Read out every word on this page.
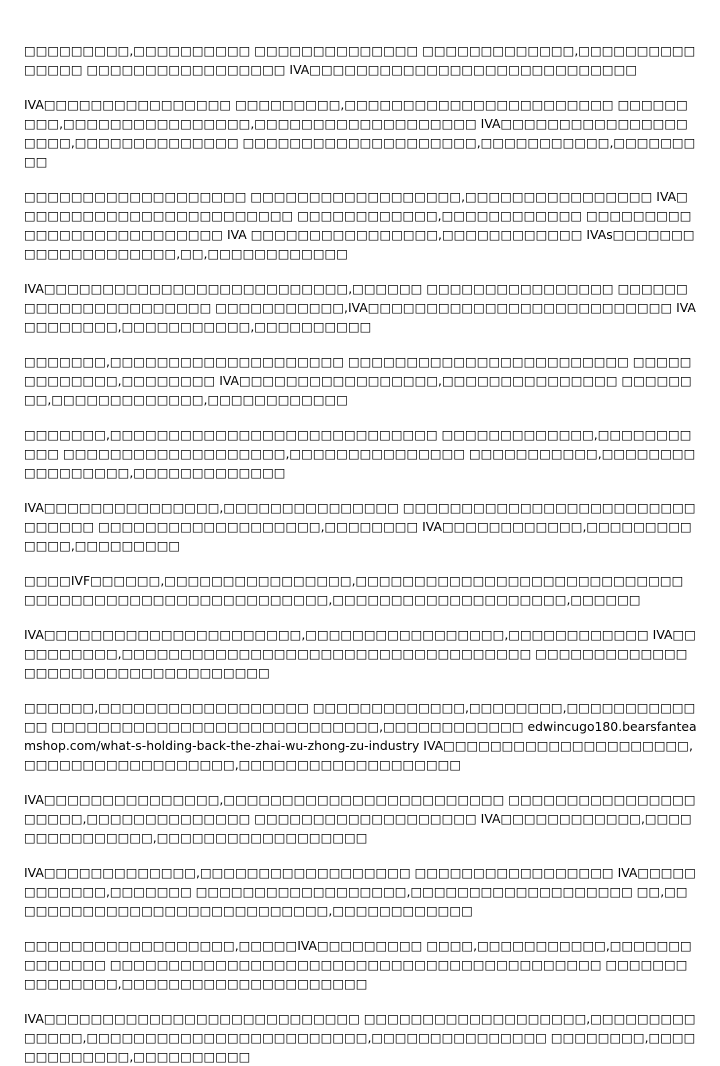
□□□□□□□□□,□□□□□□□□□□ □□□□□□□□□□□□□□ □□□□□□□□□□□□□,□□□□□□□□□□□□□□□ □□□□□□□□□□□□□□□□□ IVA□□□□□□□□□□□□□□□□□□□□□□□□□□□□

IVA□□□□□□□□□□□□□□□□ □□□□□□□□□,□□□□□□□□□□□□□□□□□□□□□□□ □□□□□□□□□,□□□□□□□□□□□□□□□□,□□□□□□□□□□□□□□□□□□□ IVA□□□□□□□□□□□□□□□□□□□□,□□□□□□□□□□□□□□ □□□□□□□□□□□□□□□□□□□□,□□□□□□□□□□□,□□□□□□□□□

□□□□□□□□□□□□□□□□□□□ □□□□□□□□□□□□□□□□□□,□□□□□□□□□□□□□□□□ IVA□□□□□□□□□□□□□□□□□□□□□□□□ □□□□□□□□□□□□,□□□□□□□□□□□□ □□□□□□□□□□□□□□□□□□□□□□□□□□ IVA □□□□□□□□□□□□□□□□,□□□□□□□□□□□□ IVAs□□□□□□□□□□□□□□□□□□□□,□□,□□□□□□□□□□□□

IVA□□□□□□□□□□□□□□□□□□□□□□□□□□,□□□□□□ □□□□□□□□□□□□□□□□ □□□□□□□□□□□□□□□□□□□□□□ □□□□□□□□□□□,IVA□□□□□□□□□□□□□□□□□□□□□□□□□□ IVA□□□□□□□□,□□□□□□□□□□□,□□□□□□□□□□

□□□□□□□,□□□□□□□□□□□□□□□□□□□□ □□□□□□□□□□□□□□□□□□□□□□□□ □□□□□□□□□□□□□,□□□□□□□□ IVA□□□□□□□□□□□□□□□□□,□□□□□□□□□□□□□□□ □□□□□□□□,□□□□□□□□□□□□□,□□□□□□□□□□□□

□□□□□□□,□□□□□□□□□□□□□□□□□□□□□□□□□□□□ □□□□□□□□□□□□□,□□□□□□□□□□□ □□□□□□□□□□□□□□□□□□□,□□□□□□□□□□□□□□□ □□□□□□□□□□□,□□□□□□□□□□□□□□□□□,□□□□□□□□□□□□□

IVA□□□□□□□□□□□□□□□,□□□□□□□□□□□□□□□ □□□□□□□□□□□□□□□□□□□□□□□□□□□□□□□ □□□□□□□□□□□□□□□□□□□,□□□□□□□□ IVA□□□□□□□□□□□□,□□□□□□□□□□□□□,□□□□□□□□□

□□□□IVF□□□□□□,□□□□□□□□□□□□□□□□,□□□□□□□□□□□□□□□□□□□□□□□□□□□□ □□□□□□□□□□□□□□□□□□□□□□□□□□,□□□□□□□□□□□□□□□□□□□□,□□□□□□

IVA□□□□□□□□□□□□□□□□□□□□□□,□□□□□□□□□□□□□□□□□,□□□□□□□□□□□□ IVA□□□□□□□□□□,□□□□□□□□□□□□□□□□□□□□□□□□□□□□□□□□□□□ □□□□□□□□□□□□□□□□□□□□□□□□□□□□□□□□□□

□□□□□□,□□□□□□□□□□□□□□□□□□ □□□□□□□□□□□□□,□□□□□□□□,□□□□□□□□□□□□□ □□□□□□□□□□□□□□□□□□□□□□□□□□□□,□□□□□□□□□□□□ edwincugo180.bearsfanteamshop.com/what-s-holding-back-the-zhai-wu-zhong-zu-industry IVA□□□□□□□□□□□□□□□□□□□□□,□□□□□□□□□□□□□□□□□□,□□□□□□□□□□□□□□□□□□□

IVA□□□□□□□□□□□□□□□,□□□□□□□□□□□□□□□□□□□□□□□□ □□□□□□□□□□□□□□□□□□□□□,□□□□□□□□□□□□□□ □□□□□□□□□□□□□□□□□□□ IVA□□□□□□□□□□□□,□□□□□□□□□□□□□□□,□□□□□□□□□□□□□□□□□□

IVA□□□□□□□□□□□□□,□□□□□□□□□□□□□□□□□□ □□□□□□□□□□□□□□□□□ IVA□□□□□□□□□□□□,□□□□□□□ □□□□□□□□□□□□□□□□□□,□□□□□□□□□□□□□□□□□□□ □□,□□□□□□□□□□□□□□□□□□□□□□□□□□□□,□□□□□□□□□□□□

□□□□□□□□□□□□□□□□□□,□□□□□IVA□□□□□□□□□ □□□□,□□□□□□□□□□□,□□□□□□□□□□□□□□ □□□□□□□□□□□□□□□□□□□□□□□□□□□□□□□□□□□□□□□□□□ □□□□□□□□□□□□□□□,□□□□□□□□□□□□□□□□□□□□□

IVA□□□□□□□□□□□□□□□□□□□□□□□□□□□ □□□□□□□□□□□□□□□□□□□,□□□□□□□□□□□□□□,□□□□□□□□□□□□□□□□□□□□□□□□,□□□□□□□□□□□□□□□ □□□□□□□□,□□□□□□□□□□□□□,□□□□□□□□□□
